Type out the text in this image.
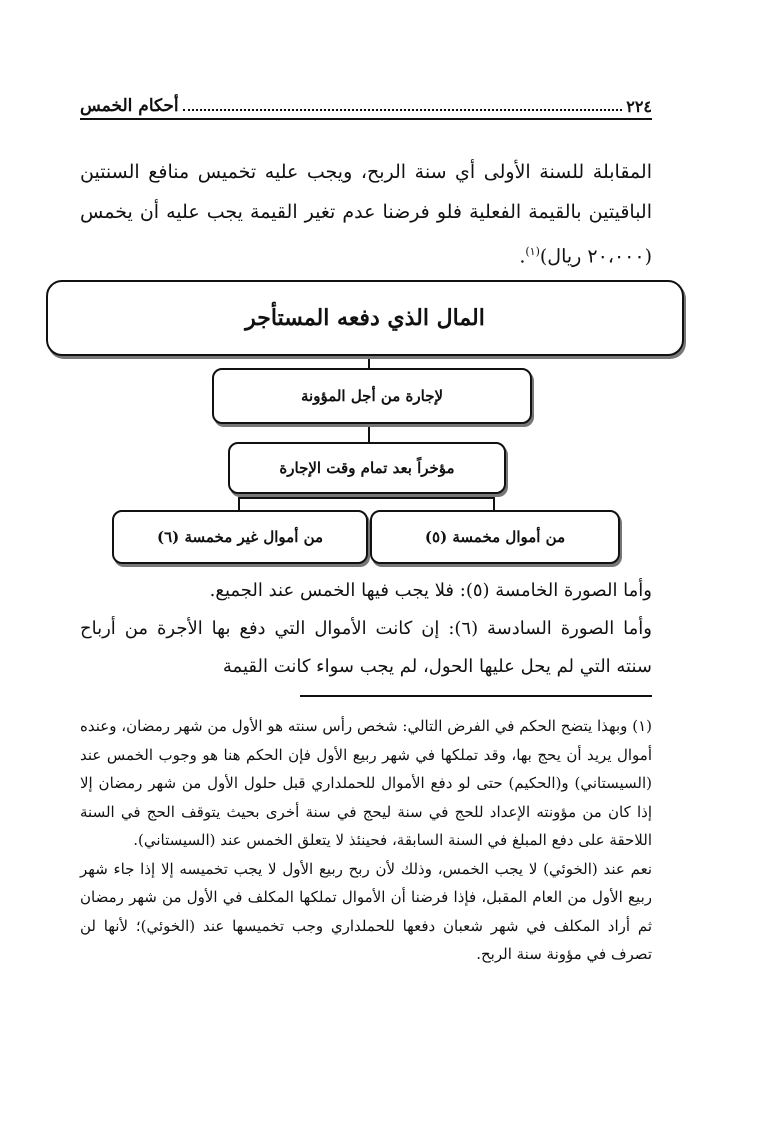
٢٢٤
أحكام الخمس

المقابلة للسنة الأولى أي سنة الربح، ويجب عليه تخميس منافع السنتين الباقيتين بالقيمة الفعلية فلو فرضنا عدم تغير القيمة يجب عليه أن يخمس (٢٠،٠٠٠ ريال)$^{(١)}$.

المال الذي دفعه المستأجر
لإجارة من أجل المؤونة
مؤخراً بعد تمام وقت الإجارة
من أموال مخمسة (٥)
من أموال غير مخمسة (٦)

وأما الصورة الخامسة (٥): فلا يجب فيها الخمس عند الجميع.

وأما الصورة السادسة (٦): إن كانت الأموال التي دفع بها الأجرة من أرباح سنته التي لم يحل عليها الحول، لم يجب سواء كانت القيمة

(١) وبهذا يتضح الحكم في الفرض التالي: شخص رأس سنته هو الأول من شهر رمضان، وعنده أموال يريد أن يحج بها، وقد تملكها في شهر ربيع الأول فإن الحكم هنا هو وجوب الخمس عند (السيستاني) و(الحكيم) حتى لو دفع الأموال للحملداري قبل حلول الأول من شهر رمضان إلا إذا كان من مؤونته الإعداد للحج في سنة ليحج في سنة أخرى بحيث يتوقف الحج في السنة اللاحقة على دفع المبلغ في السنة السابقة، فحينئذ لا يتعلق الخمس عند (السيستاني).

نعم عند (الخوئي) لا يجب الخمس، وذلك لأن ربح ربيع الأول لا يجب تخميسه إلا إذا جاء شهر ربيع الأول من العام المقبل، فإذا فرضنا أن الأموال تملكها المكلف في الأول من شهر رمضان ثم أراد المكلف في شهر شعبان دفعها للحملداري وجب تخميسها عند (الخوئي)؛ لأنها لن تصرف في مؤونة سنة الربح.
